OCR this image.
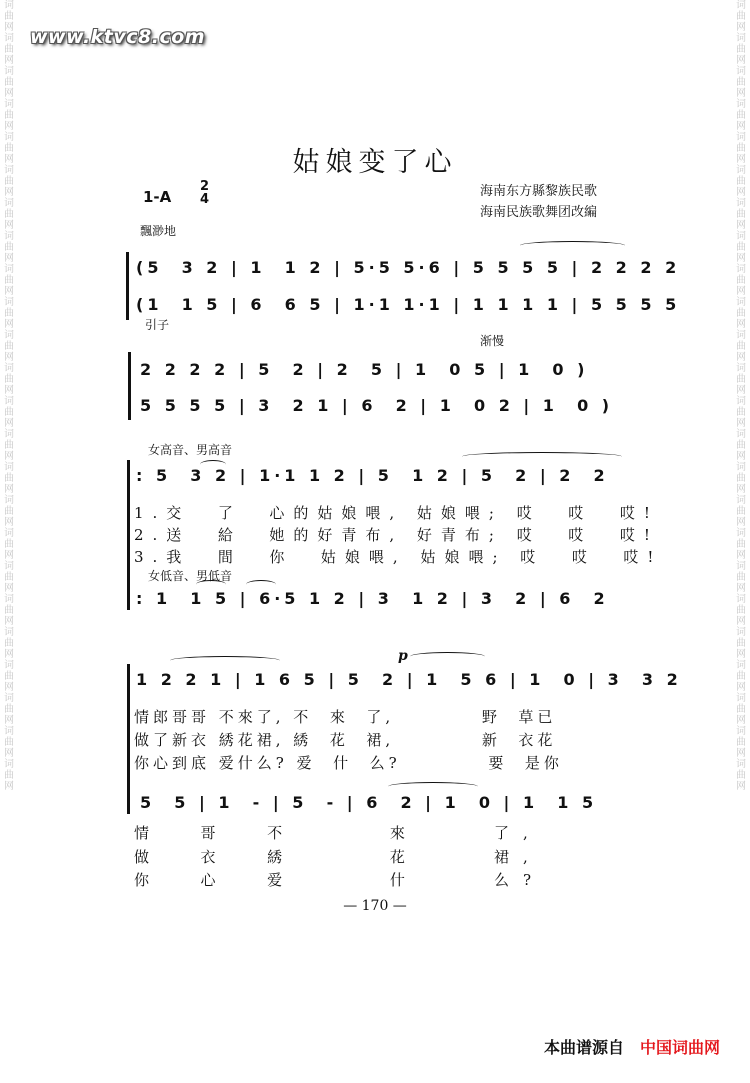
词曲网 词曲网 词曲网 词曲网 词曲网 词曲网 词曲网 词曲网 词曲网 词曲网 词曲网 词曲网 词曲网 词曲网 词曲网 词曲网 词曲网 词曲网 词曲网 词曲网 词曲网 词曲网 词曲网 词曲网
词曲网 词曲网 词曲网 词曲网 词曲网 词曲网 词曲网 词曲网 词曲网 词曲网 词曲网 词曲网 词曲网 词曲网 词曲网 词曲网 词曲网 词曲网 词曲网 词曲网 词曲网 词曲网 词曲网 词曲网
www.ktvc8.com
姑娘变了心
1-A
2
4
海南东方縣黎族民歌
海南民族歌舞团改編
飄渺地
(5  3 2 | 1  1 2 | 5·5 5·6 | 5 5 5 5 | 2 2 2 2
(1  1 5 | 6  6 5 | 1·1 1·1 | 1 1 1 1 | 5 5 5 5
引子
渐慢
2 2 2 2 | 5  2 | 2  5 | 1  0 5 | 1  0 )
5 5 5 5 | 3  2 1 | 6  2 | 1  0 2 | 1  0 )
女高音、男高音
: 5  3 2 | 1·1 1 2 | 5  1 2 | 5  2 | 2  2
1.交  了  心的姑娘喂, 姑娘喂; 哎  哎  哎!
2.送  給  她的好青布, 好青布; 哎  哎  哎!
3.我  間  你  姑娘喂, 姑娘喂; 哎  哎  哎!
女低音、男低音
: 1  1 5 | 6·5 1 2 | 3  1 2 | 3  2 | 6  2
p
1 2 2 1 | 1 6 5 | 5  2 | 1  5 6 | 1  0 | 3  3 2
情郎哥哥 不來了, 不  來  了,          野  草已
做了新衣 綉花裙, 綉  花  裙,          新  衣花
你心到底 爱什么? 爱  什  么?          要  是你
5  5 | 1  - | 5  - | 6  2 | 1  0 | 1  1 5
情  哥  不     來    了,
做  衣  綉     花    裙,
你  心  爱     什    么?
— 170 —
本曲谱源自 中国词曲网
